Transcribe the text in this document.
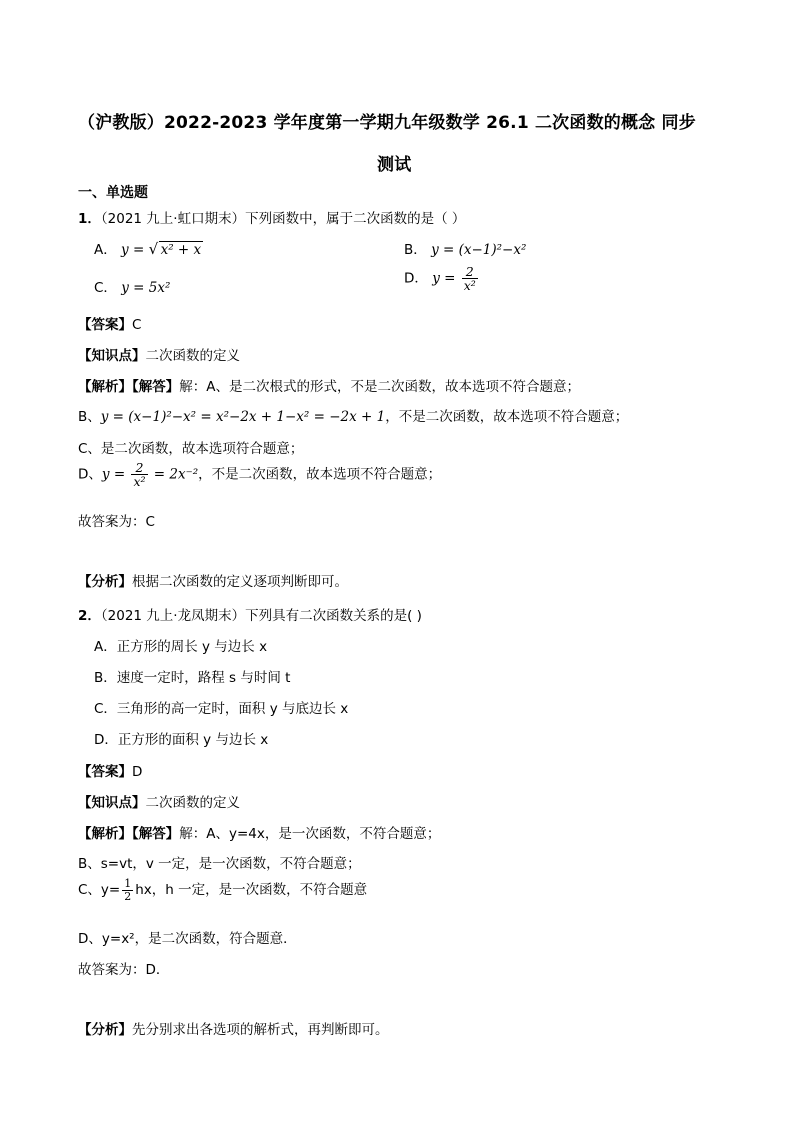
（沪教版）2022-2023 学年度第一学期九年级数学 26.1 二次函数的概念 同步
测试
一、单选题
1．（2021 九上·虹口期末）下列函数中，属于二次函数的是（ ）
A． y = √ x² + x	B． y = (x−1)²−x²
C． y = 5x²
D． $y = \frac{2}{\text{x²}}$
【答案】C
【知识点】二次函数的定义
【解析】【解答】解：A、是二次根式的形式，不是二次函数，故本选项不符合题意；
B、y = (x−1)²−x² = x²−2x + 1−x² = −2x + 1，不是二次函数，故本选项不符合题意；
C、是二次函数，故本选项符合题意；
D、$y = \frac{2}{\text{x²}} = 2x^{-2}$，不是二次函数，故本选项不符合题意；
故答案为：C
【分析】根据二次函数的定义逐项判断即可。
2．（2021 九上·龙凤期末）下列具有二次函数关系的是( )
A．正方形的周长 y 与边长 x
B．速度一定时，路程 s 与时间 t
C．三角形的高一定时，面积 y 与底边长 x
D．正方形的面积 y 与边长 x
【答案】D
【知识点】二次函数的定义
【解析】【解答】解：A、y=4x，是一次函数，不符合题意；
B、s=vt，v 一定，是一次函数，不符合题意；
C、$y= \frac{1}{2}$ hx，h 一定，是一次函数，不符合题意
D、y=x²，是二次函数，符合题意．
故答案为：D．
【分析】先分别求出各选项的解析式，再判断即可。
